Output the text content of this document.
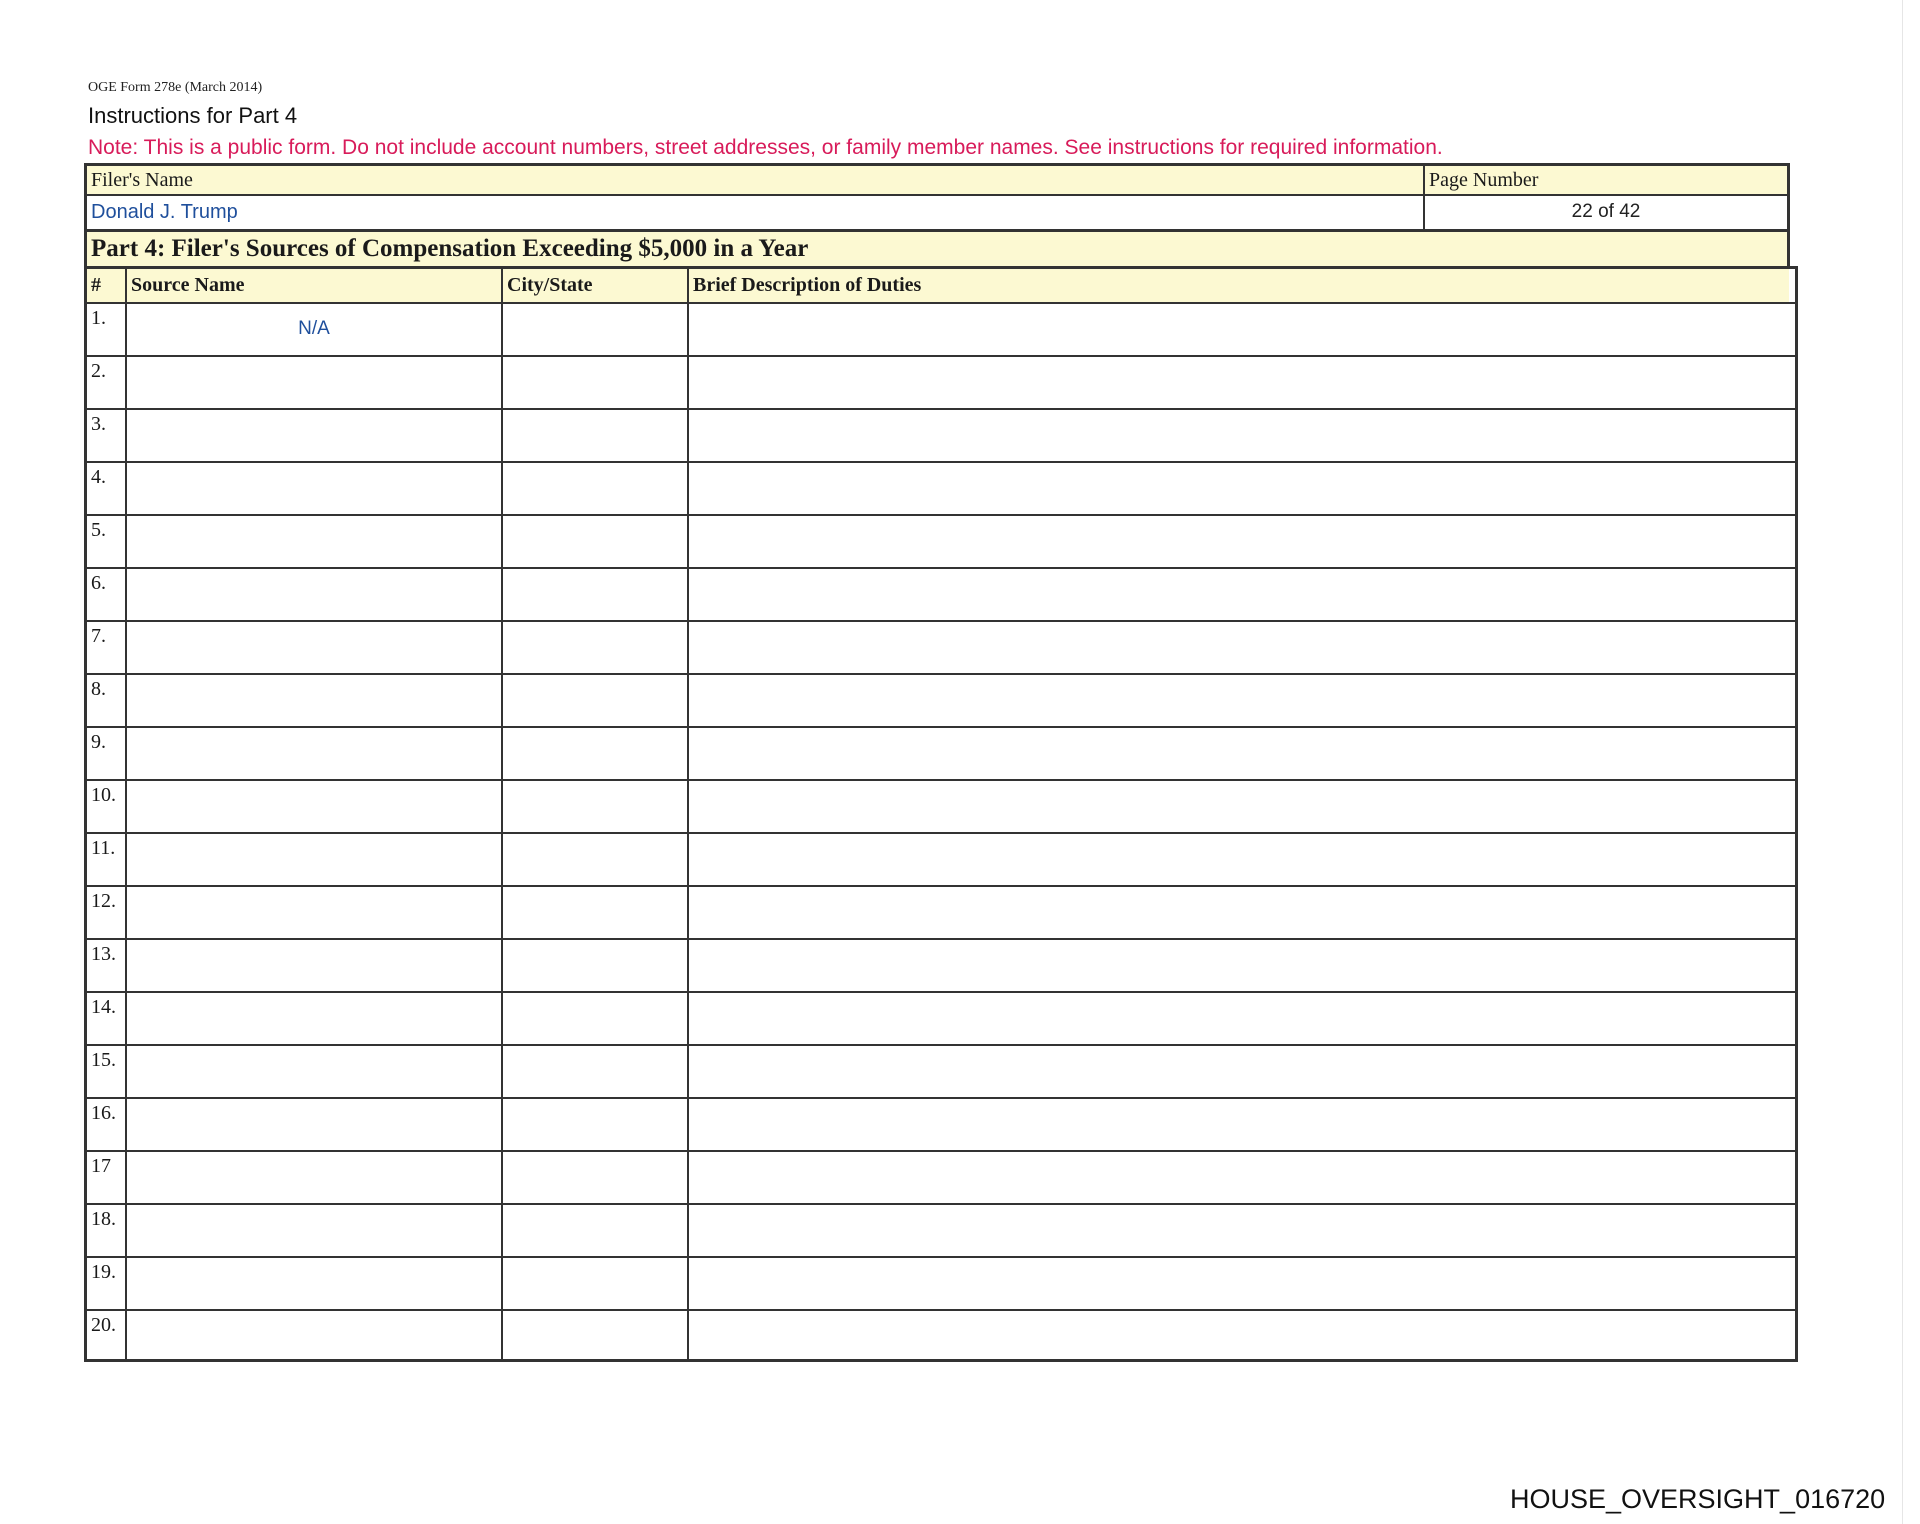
OGE Form 278e (March 2014)
Instructions for Part 4
Note: This is a public form. Do not include account numbers, street addresses, or family member names. See instructions for required information.
Filer's Name	Page Number
Donald J. Trump	22 of 42
Part 4: Filer's Sources of Compensation Exceeding $5,000 in a Year
#	Source Name	City/State	Brief Description of Duties
1.	N/A
2.
3.
4.
5.
6.
7.
8.
9.
10.
11.
12.
13.
14.
15.
16.
17
18.
19.
20.
HOUSE_OVERSIGHT_016720
